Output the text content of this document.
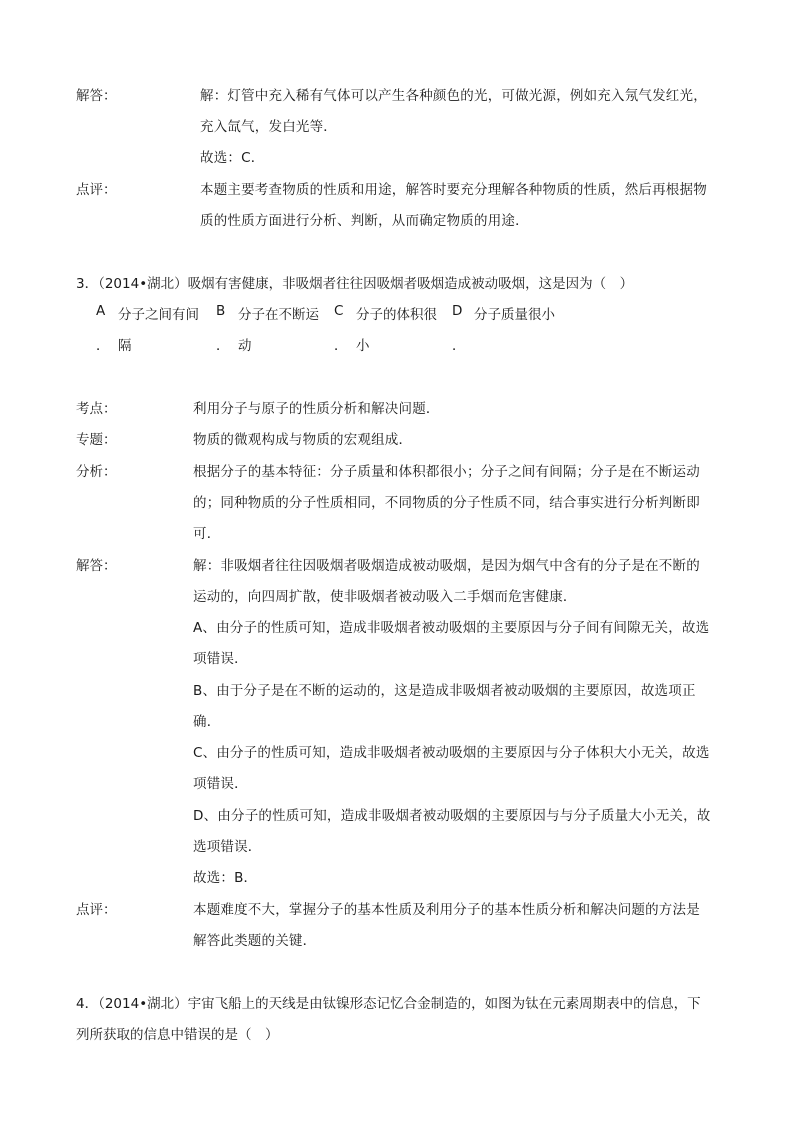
解答：	解：灯管中充入稀有气体可以产生各种颜色的光，可做光源，例如充入氖气发红光，
充入氙气，发白光等．
故选：C．
点评：	本题主要考查物质的性质和用途，解答时要充分理解各种物质的性质，然后再根据物
质的性质方面进行分析、判断，从而确定物质的用途．
3．（2014•湖北）吸烟有害健康，非吸烟者往往因吸烟者吸烟造成被动吸烟，这是因为（　）
A 分子之间有间 B 分子在不断运 C 分子的体积很 D 分子质量很小
． 隔	． 动	． 小	．
考点：	利用分子与原子的性质分析和解决问题．
专题：	物质的微观构成与物质的宏观组成．
分析：	根据分子的基本特征：分子质量和体积都很小；分子之间有间隔；分子是在不断运动
的；同种物质的分子性质相同，不同物质的分子性质不同，结合事实进行分析判断即
可．
解答：	解：非吸烟者往往因吸烟者吸烟造成被动吸烟，是因为烟气中含有的分子是在不断的
运动的，向四周扩散，使非吸烟者被动吸入二手烟而危害健康．
A、由分子的性质可知，造成非吸烟者被动吸烟的主要原因与分子间有间隙无关，故选
项错误．
B、由于分子是在不断的运动的，这是造成非吸烟者被动吸烟的主要原因，故选项正
确．
C、由分子的性质可知，造成非吸烟者被动吸烟的主要原因与分子体积大小无关，故选
项错误．
D、由分子的性质可知，造成非吸烟者被动吸烟的主要原因与与分子质量大小无关，故
选项错误．
故选：B．
点评：	本题难度不大，掌握分子的基本性质及利用分子的基本性质分析和解决问题的方法是
解答此类题的关键．
4．（2014•湖北）宇宙飞船上的天线是由钛镍形态记忆合金制造的，如图为钛在元素周期表中的信息，下
列所获取的信息中错误的是（　）
